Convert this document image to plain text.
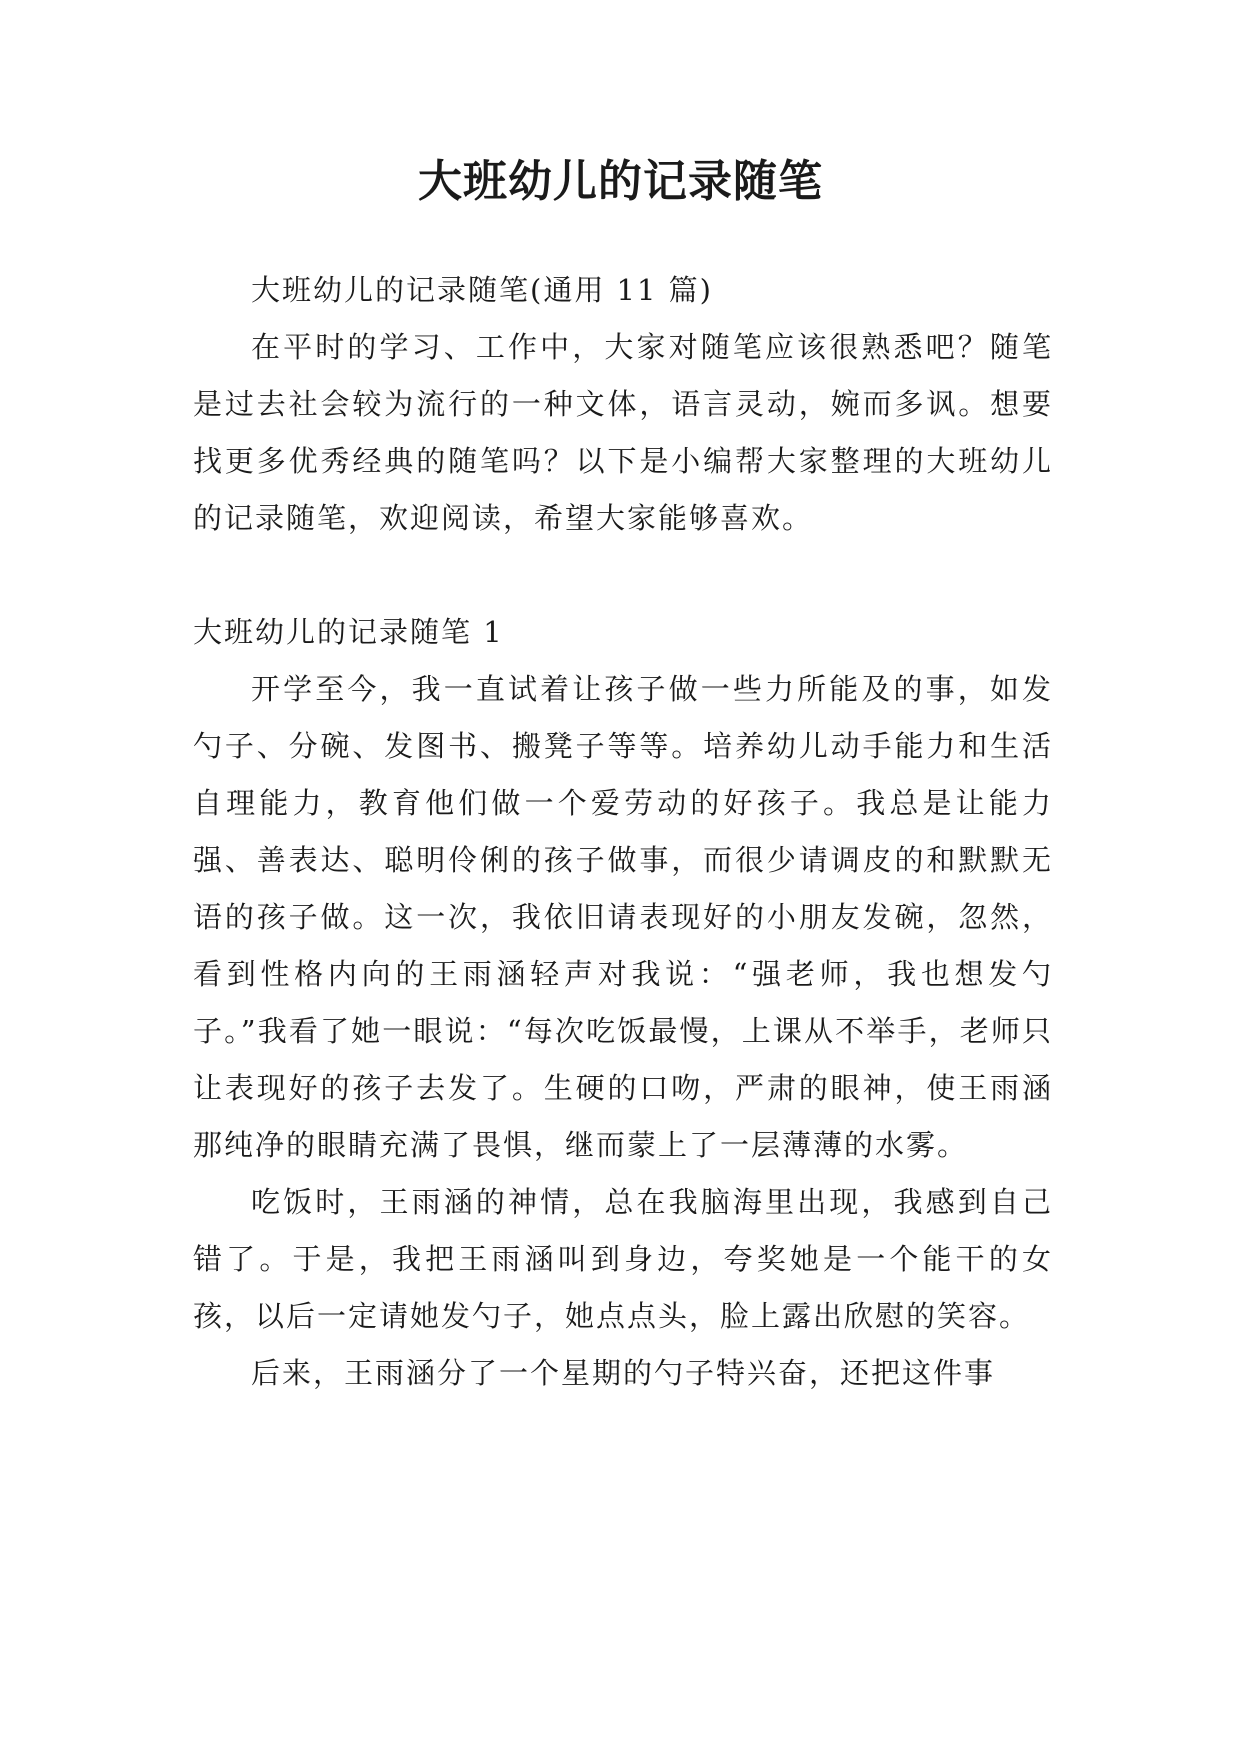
大班幼儿的记录随笔

大班幼儿的记录随笔(通用 11 篇)

在平时的学习、工作中，大家对随笔应该很熟悉吧？随笔是过去社会较为流行的一种文体，语言灵动，婉而多讽。想要找更多优秀经典的随笔吗？以下是小编帮大家整理的大班幼儿的记录随笔，欢迎阅读，希望大家能够喜欢。

大班幼儿的记录随笔 1

开学至今，我一直试着让孩子做一些力所能及的事，如发勺子、分碗、发图书、搬凳子等等。培养幼儿动手能力和生活自理能力，教育他们做一个爱劳动的好孩子。我总是让能力强、善表达、聪明伶俐的孩子做事，而很少请调皮的和默默无语的孩子做。这一次，我依旧请表现好的小朋友发碗，忽然，看到性格内向的王雨涵轻声对我说：“强老师，我也想发勺子。”我看了她一眼说：“每次吃饭最慢，上课从不举手，老师只让表现好的孩子去发了。生硬的口吻，严肃的眼神，使王雨涵那纯净的眼睛充满了畏惧，继而蒙上了一层薄薄的水雾。

吃饭时，王雨涵的神情，总在我脑海里出现，我感到自己错了。于是，我把王雨涵叫到身边，夸奖她是一个能干的女孩，以后一定请她发勺子，她点点头，脸上露出欣慰的笑容。

后来，王雨涵分了一个星期的勺子特兴奋，还把这件事
